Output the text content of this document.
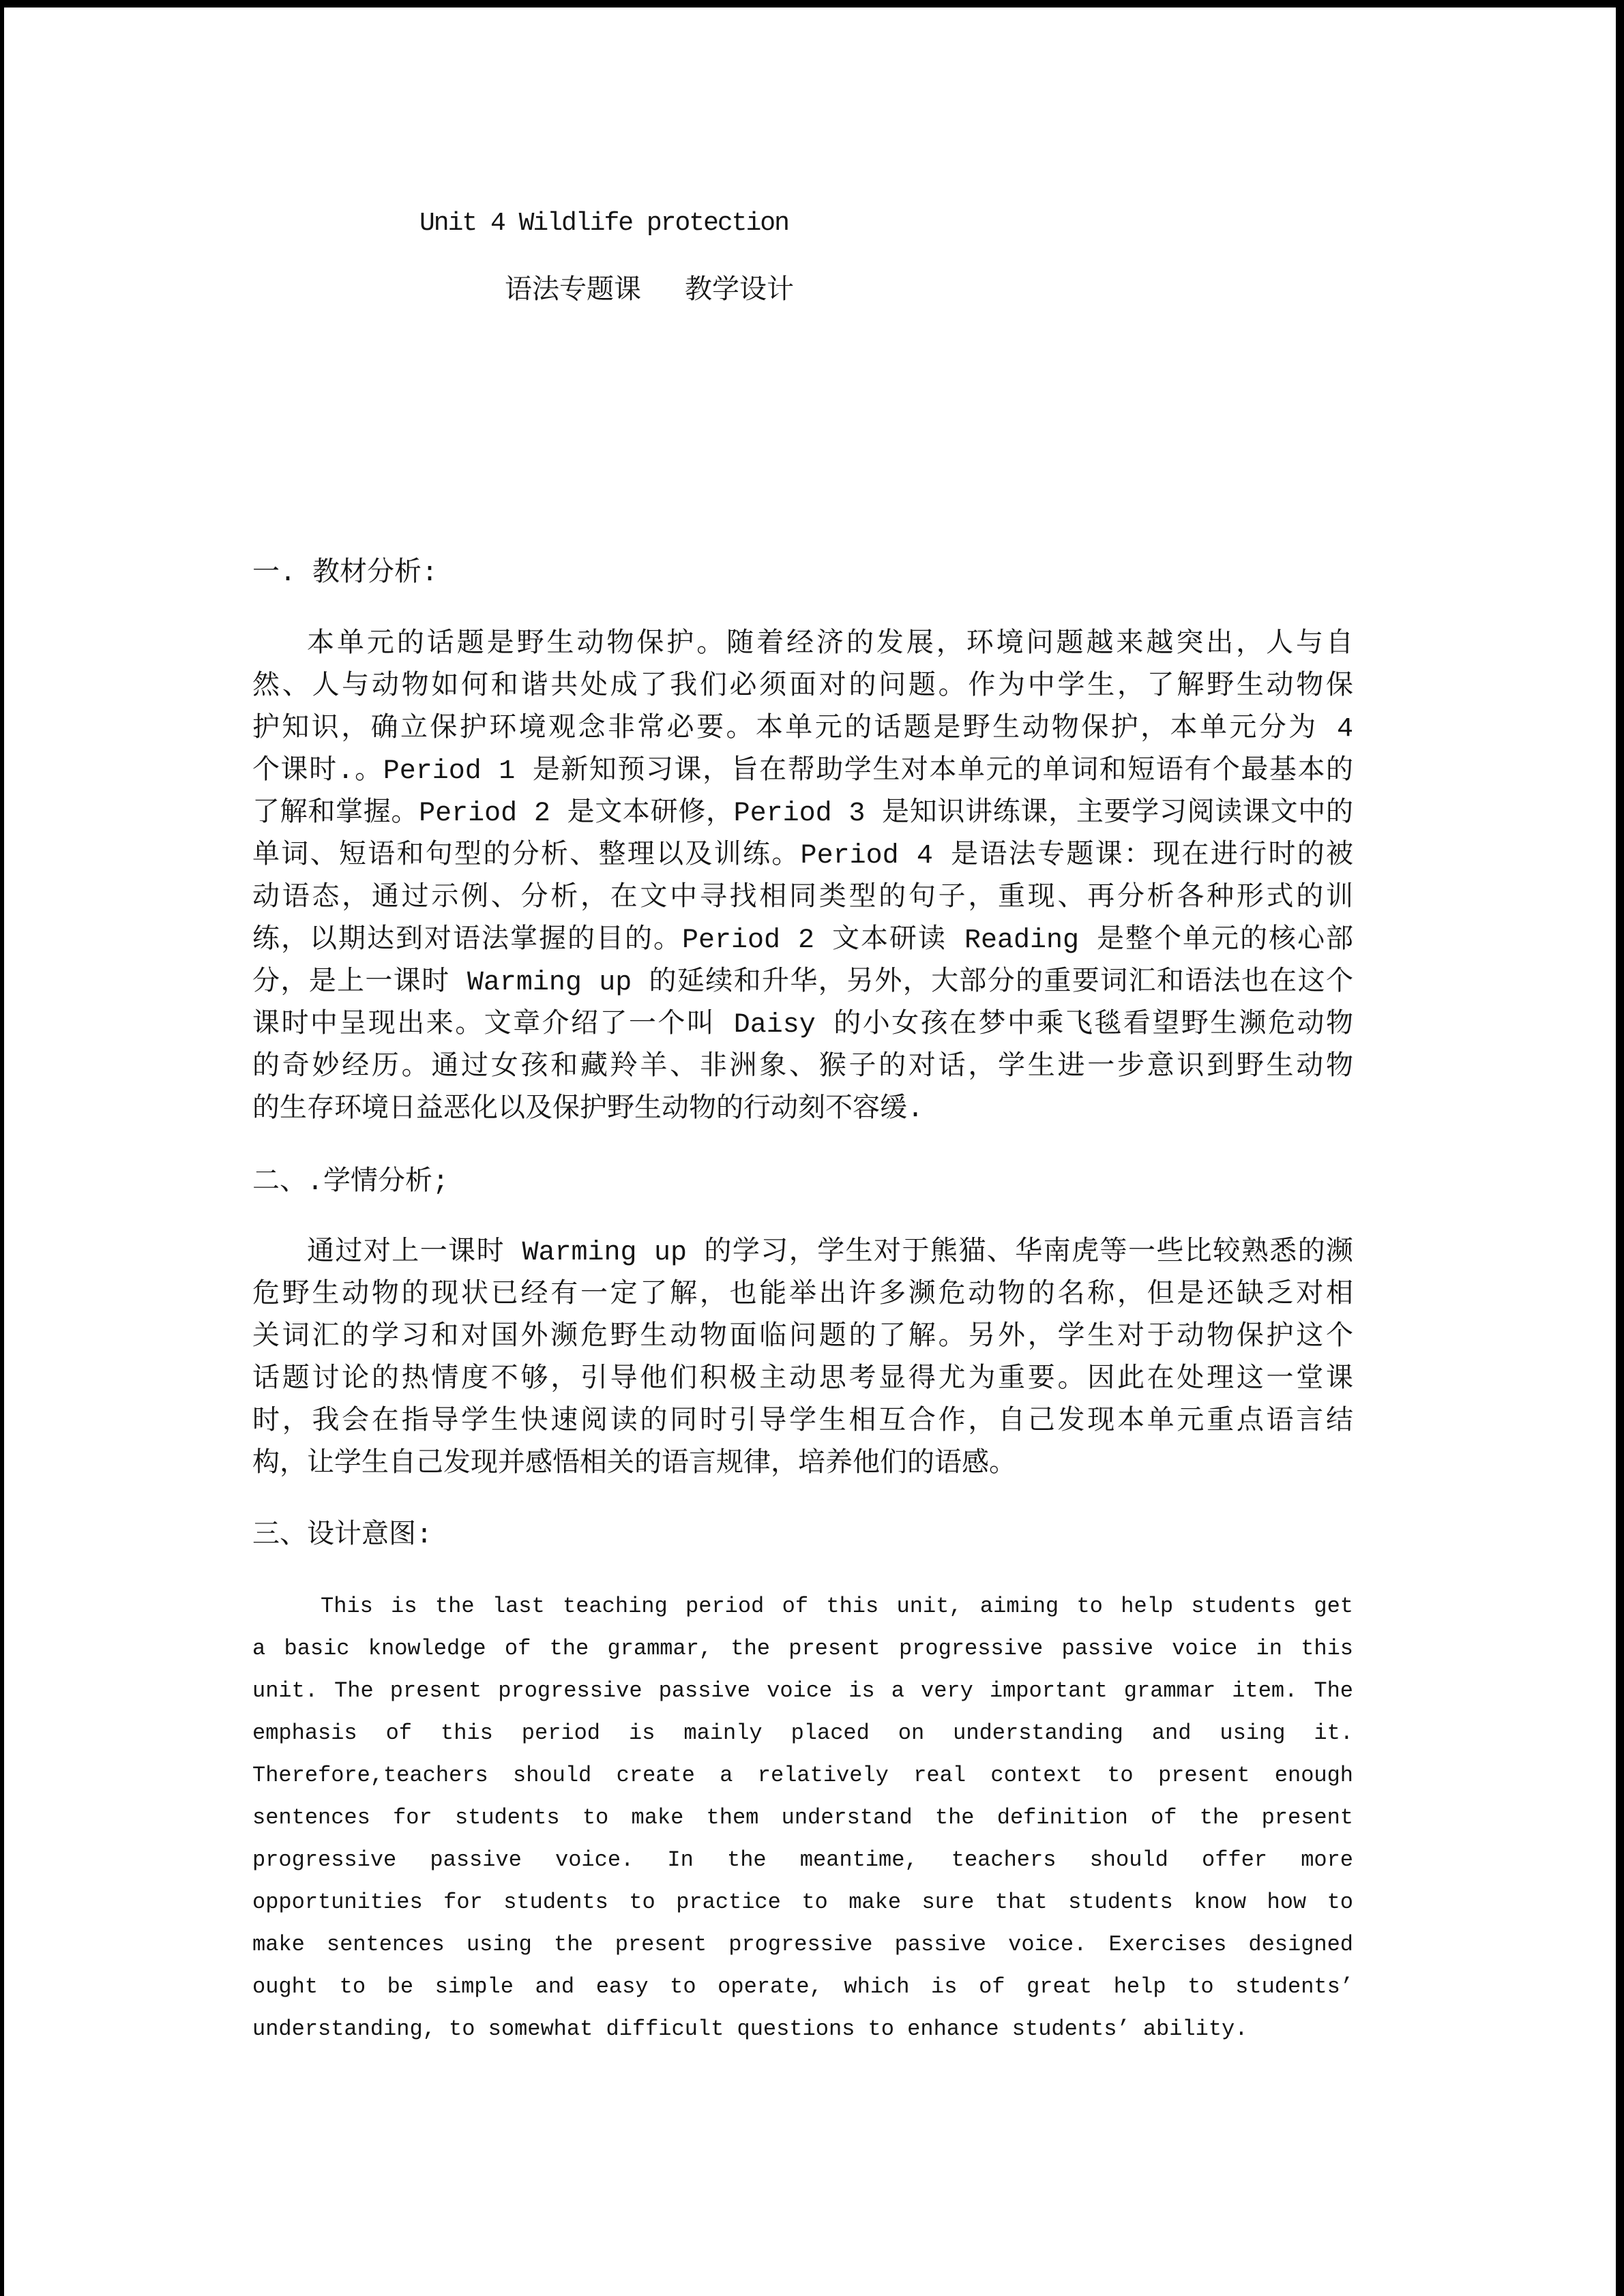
Unit 4 Wildlife protection
语法专题课　 教学设计
一. 教材分析:
本单元的话题是野生动物保护。随着经济的发展，环境问题越来越突出，人与自
然、人与动物如何和谐共处成了我们必须面对的问题。作为中学生，了解野生动物保
护知识，确立保护环境观念非常必要。本单元的话题是野生动物保护，本单元分为 4
个课时.。Period 1 是新知预习课，旨在帮助学生对本单元的单词和短语有个最基本的
了解和掌握。Period 2 是文本研修，Period 3 是知识讲练课，主要学习阅读课文中的
单词、短语和句型的分析、整理以及训练。Period 4 是语法专题课：现在进行时的被
动语态，通过示例、分析，在文中寻找相同类型的句子，重现、再分析各种形式的训
练，以期达到对语法掌握的目的。Period 2 文本研读 Reading 是整个单元的核心部
分，是上一课时 Warming up 的延续和升华，另外，大部分的重要词汇和语法也在这个
课时中呈现出来。文章介绍了一个叫 Daisy 的小女孩在梦中乘飞毯看望野生濒危动物
的奇妙经历。通过女孩和藏羚羊、非洲象、猴子的对话，学生进一步意识到野生动物
的生存环境日益恶化以及保护野生动物的行动刻不容缓.
二、.学情分析;
通过对上一课时 Warming up 的学习，学生对于熊猫、华南虎等一些比较熟悉的濒
危野生动物的现状已经有一定了解，也能举出许多濒危动物的名称，但是还缺乏对相
关词汇的学习和对国外濒危野生动物面临问题的了解。另外，学生对于动物保护这个
话题讨论的热情度不够，引导他们积极主动思考显得尤为重要。因此在处理这一堂课
时，我会在指导学生快速阅读的同时引导学生相互合作，自己发现本单元重点语言结
构，让学生自己发现并感悟相关的语言规律，培养他们的语感。
三、设计意图:
This is the last teaching period of this unit, aiming to help students get
a basic knowledge of the grammar, the present progressive passive voice in this
unit. The present progressive passive voice is a very important grammar item. The
emphasis of this period is mainly placed on understanding and using it.
Therefore,teachers should create a relatively real context to present enough
sentences for students to make them understand the definition of the present
progressive passive voice. In the meantime, teachers should offer more
opportunities for students to practice to make sure that students know how to
make sentences using the present progressive passive voice. Exercises designed
ought to be simple and easy to operate, which is of great help to students’
understanding, to somewhat difficult questions to enhance students’ ability.
